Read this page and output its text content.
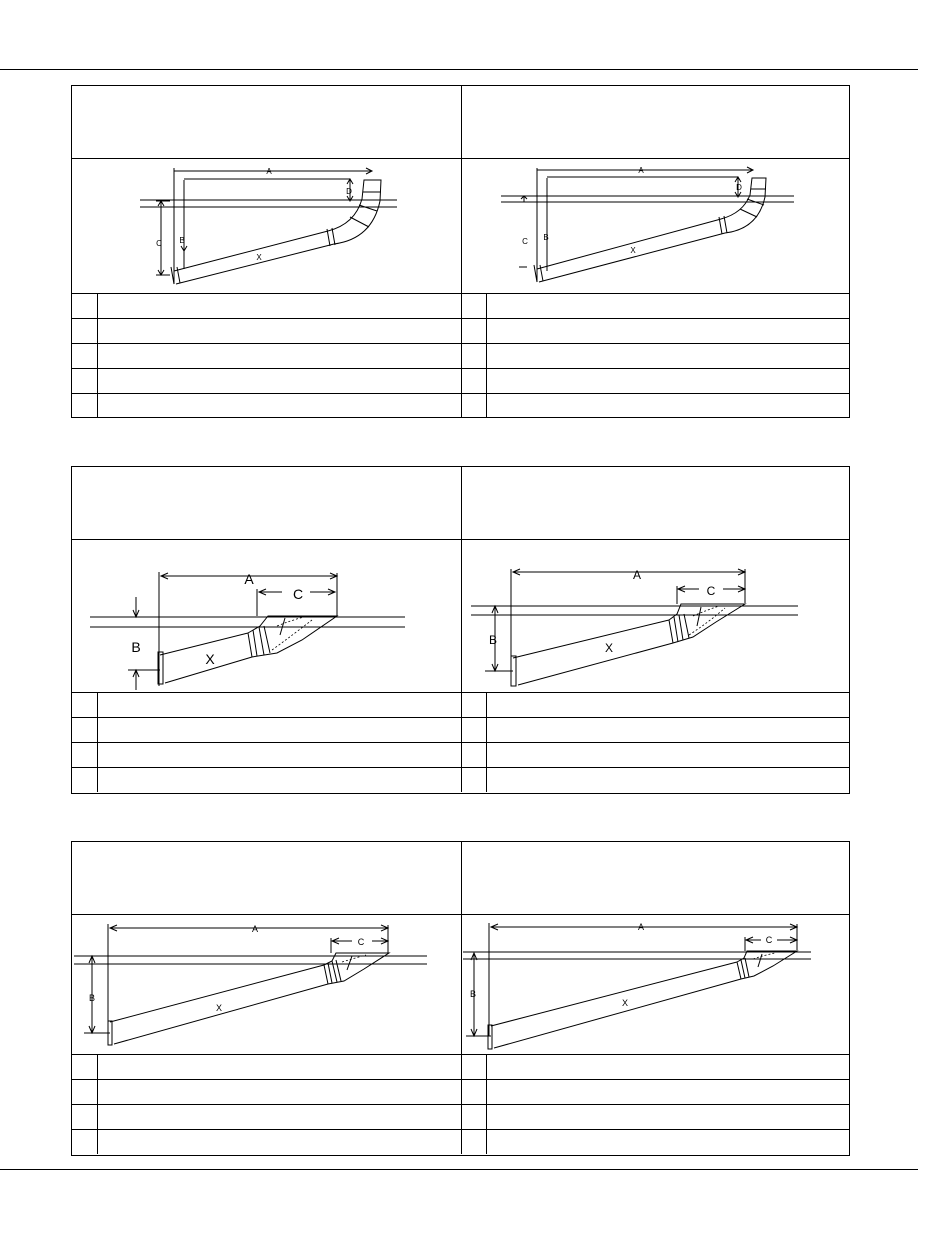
A
D
C B
X
A
D
C B
X
A
C
B
X
A
C
B
X
A
C
B
X
A
C
B
X
